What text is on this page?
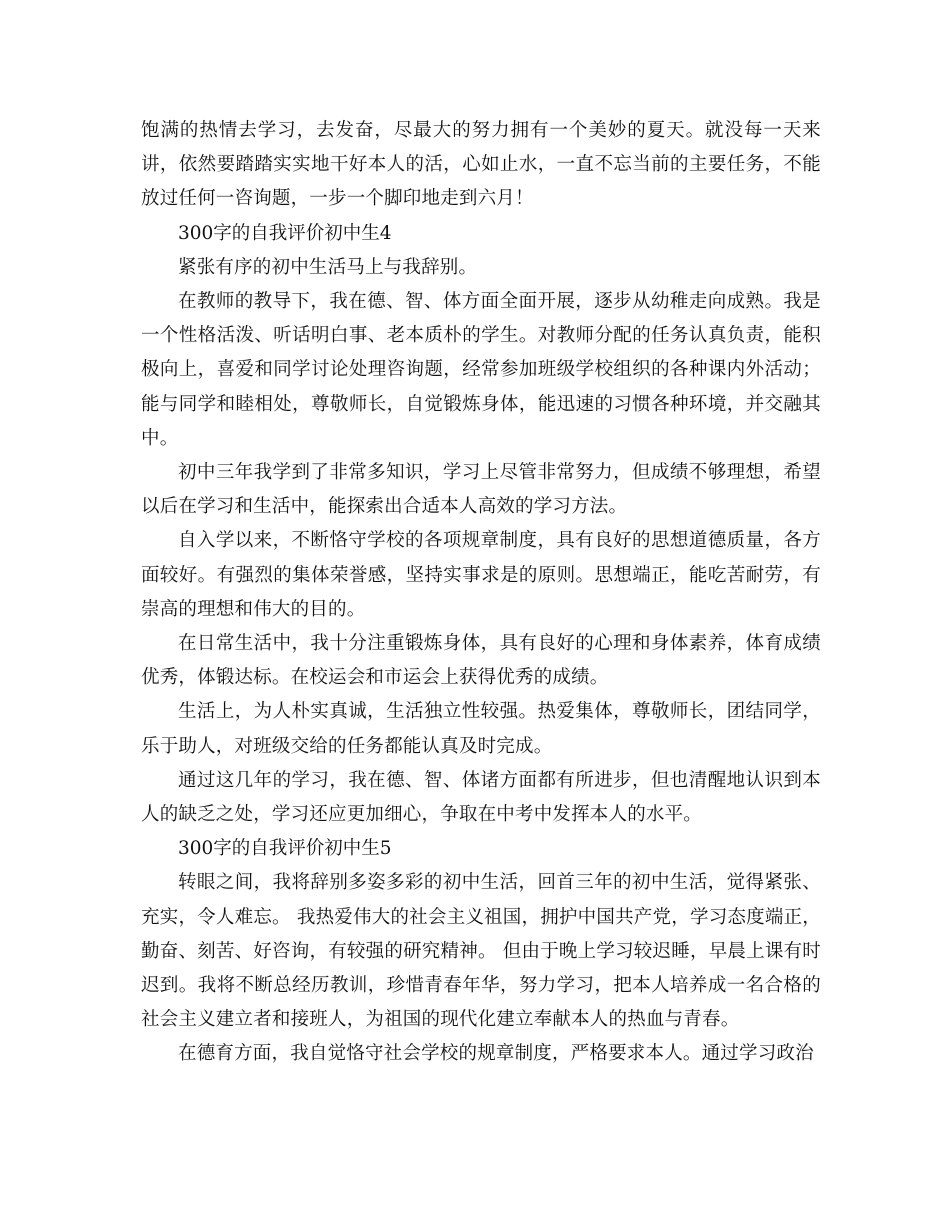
饱满的热情去学习，去发奋，尽最大的努力拥有一个美妙的夏天。就没每一天来讲，依然要踏踏实实地干好本人的活，心如止水，一直不忘当前的主要任务，不能放过任何一咨询题，一步一个脚印地走到六月！

300字的自我评价初中生4

紧张有序的初中生活马上与我辞别。

在教师的教导下，我在德、智、体方面全面开展，逐步从幼稚走向成熟。我是一个性格活泼、听话明白事、老本质朴的学生。对教师分配的任务认真负责，能积极向上，喜爱和同学讨论处理咨询题，经常参加班级学校组织的各种课内外活动；能与同学和睦相处，尊敬师长，自觉锻炼身体，能迅速的习惯各种环境，并交融其中。

初中三年我学到了非常多知识，学习上尽管非常努力，但成绩不够理想，希望以后在学习和生活中，能探索出合适本人高效的学习方法。

自入学以来，不断恪守学校的各项规章制度，具有良好的思想道德质量，各方面较好。有强烈的集体荣誉感，坚持实事求是的原则。思想端正，能吃苦耐劳，有崇高的理想和伟大的目的。

在日常生活中，我十分注重锻炼身体，具有良好的心理和身体素养，体育成绩优秀，体锻达标。在校运会和市运会上获得优秀的成绩。

生活上，为人朴实真诚，生活独立性较强。热爱集体，尊敬师长，团结同学，乐于助人，对班级交给的任务都能认真及时完成。

通过这几年的学习，我在德、智、体诸方面都有所进步，但也清醒地认识到本人的缺乏之处，学习还应更加细心，争取在中考中发挥本人的水平。

300字的自我评价初中生5

转眼之间，我将辞别多姿多彩的初中生活，回首三年的初中生活，觉得紧张、充实，令人难忘。 我热爱伟大的社会主义祖国，拥护中国共产党，学习态度端正，勤奋、刻苦、好咨询，有较强的研究精神。 但由于晚上学习较迟睡，早晨上课有时迟到。我将不断总经历教训，珍惜青春年华，努力学习，把本人培养成一名合格的社会主义建立者和接班人，为祖国的现代化建立奉献本人的热血与青春。

在德育方面，我自觉恪守社会学校的规章制度，严格要求本人。通过学习政治
